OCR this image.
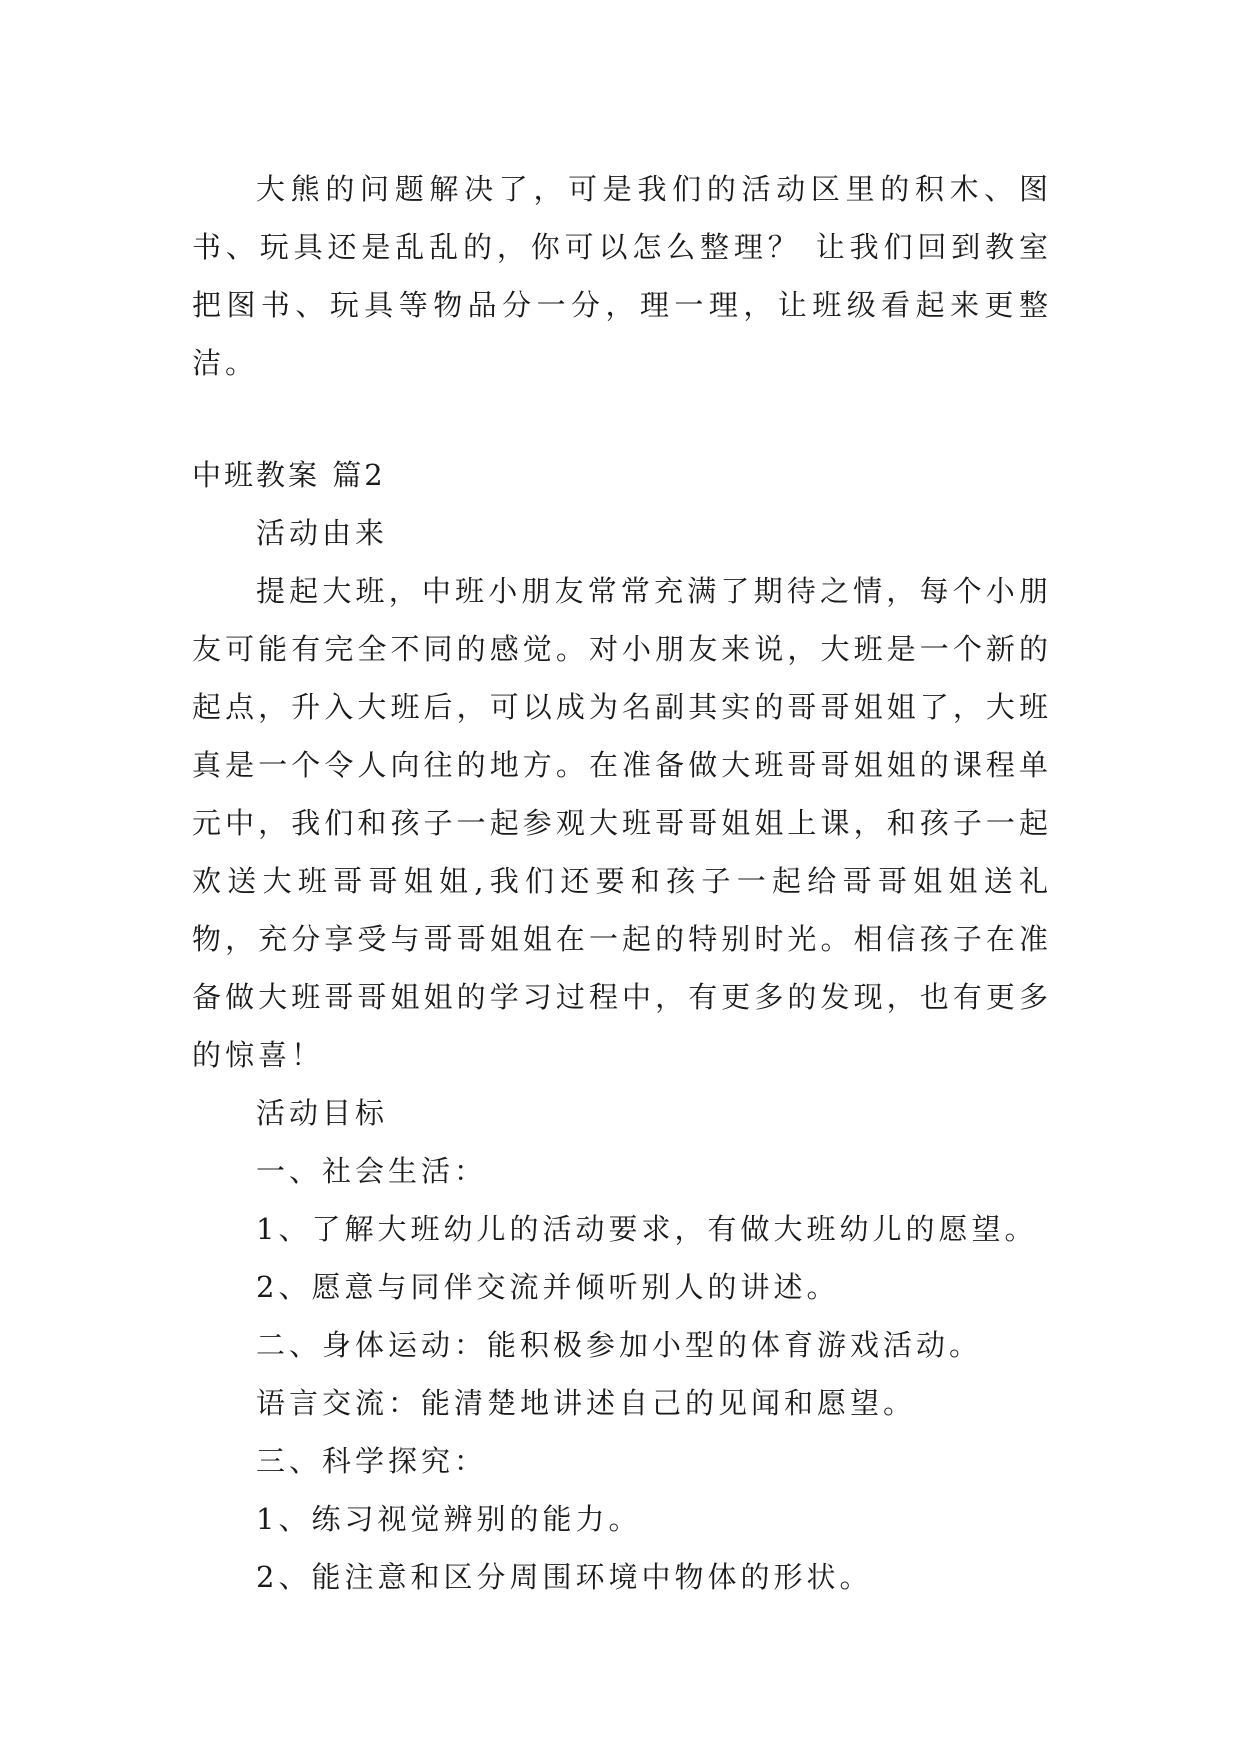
大熊的问题解决了，可是我们的活动区里的积木、图书、玩具还是乱乱的，你可以怎么整理？ 让我们回到教室把图书、玩具等物品分一分，理一理，让班级看起来更整洁。

中班教案 篇2

活动由来

提起大班，中班小朋友常常充满了期待之情，每个小朋友可能有完全不同的感觉。对小朋友来说，大班是一个新的起点，升入大班后，可以成为名副其实的哥哥姐姐了，大班真是一个令人向往的地方。在准备做大班哥哥姐姐的课程单元中，我们和孩子一起参观大班哥哥姐姐上课，和孩子一起欢送大班哥哥姐姐,我们还要和孩子一起给哥哥姐姐送礼物，充分享受与哥哥姐姐在一起的特别时光。相信孩子在准备做大班哥哥姐姐的学习过程中，有更多的发现，也有更多的惊喜！

活动目标

一、社会生活：

1、了解大班幼儿的活动要求，有做大班幼儿的愿望。

2、愿意与同伴交流并倾听别人的讲述。

二、身体运动：能积极参加小型的体育游戏活动。

语言交流：能清楚地讲述自己的见闻和愿望。

三、科学探究：

1、练习视觉辨别的能力。

2、能注意和区分周围环境中物体的形状。
